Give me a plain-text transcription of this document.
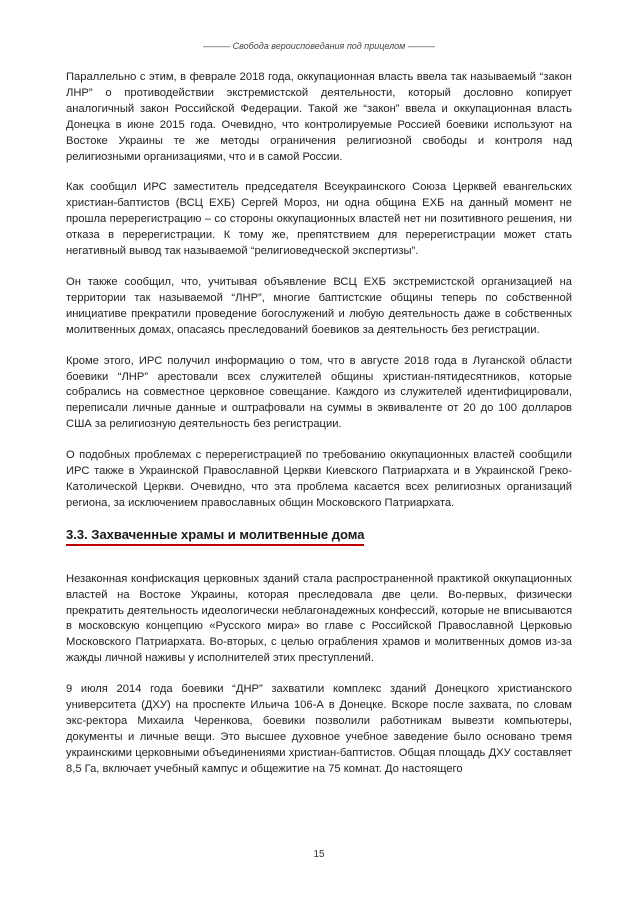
——— Свобода вероисповедания под прицелом ———

Параллельно с этим, в феврале 2018 года, оккупационная власть ввела так называемый “закон ЛНР” о противодействии экстремистской деятельности, который дословно копирует аналогичный закон Российской Федерации. Такой же “закон” ввела и оккупационная власть Донецка в июне 2015 года. Очевидно, что контролируемые Россией боевики используют на Востоке Украины те же методы ограничения религиозной свободы и контроля над религиозными организациями, что и в самой России.

Как сообщил ИРС заместитель председателя Всеукраинского Союза Церквей евангельских христиан-баптистов (ВСЦ ЕХБ) Сергей Мороз, ни одна община ЕХБ на данный момент не прошла перерегистрацию – со стороны оккупационных властей нет ни позитивного решения, ни отказа в перерегистрации. К тому же, препятствием для перерегистрации может стать негативный вывод так называемой “религиоведческой экспертизы”.

Он также сообщил, что, учитывая объявление ВСЦ ЕХБ экстремистской организацией на территории так называемой “ЛНР”, многие баптистские общины теперь по собственной инициативе прекратили проведение богослужений и любую деятельность даже в собственных молитвенных домах, опасаясь преследований боевиков за деятельность без регистрации.

Кроме этого, ИРС получил информацию о том, что в августе 2018 года в Луганской области боевики “ЛНР” арестовали всех служителей общины христиан-пятидесятников, которые собрались на совместное церковное совещание. Каждого из служителей идентифицировали, переписали личные данные и оштрафовали на суммы в эквиваленте от 20 до 100 долларов США за религиозную деятельность без регистрации.

О подобных проблемах с перерегистрацией по требованию оккупационных властей сообщили ИРС также в Украинской Православной Церкви Киевского Патриархата и в Украинской Греко-Католической Церкви. Очевидно, что эта проблема касается всех религиозных организаций региона, за исключением православных общин Московского Патриархата.

3.3. Захваченные храмы и молитвенные дома

Незаконная конфискация церковных зданий стала распространенной практикой оккупационных властей на Востоке Украины, которая преследовала две цели. Во-первых, физически прекратить деятельность идеологически неблагонадежных конфессий, которые не вписываются в московскую концепцию «Русского мира» во главе с Российской Православной Церковью Московского Патриархата. Во-вторых, с целью ограбления храмов и молитвенных домов из-за жажды личной наживы у исполнителей этих преступлений.

9 июля 2014 года боевики “ДНР” захватили комплекс зданий Донецкого христианского университета (ДХУ) на проспекте Ильича 106-А в Донецке. Вскоре после захвата, по словам экс-ректора Михаила Черенкова, боевики позволили работникам вывезти компьютеры, документы и личные вещи. Это высшее духовное учебное заведение было основано тремя украинскими церковными объединениями христиан-баптистов. Общая площадь ДХУ составляет 8,5 Га, включает учебный кампус и общежитие на 75 комнат. До настоящего

15
